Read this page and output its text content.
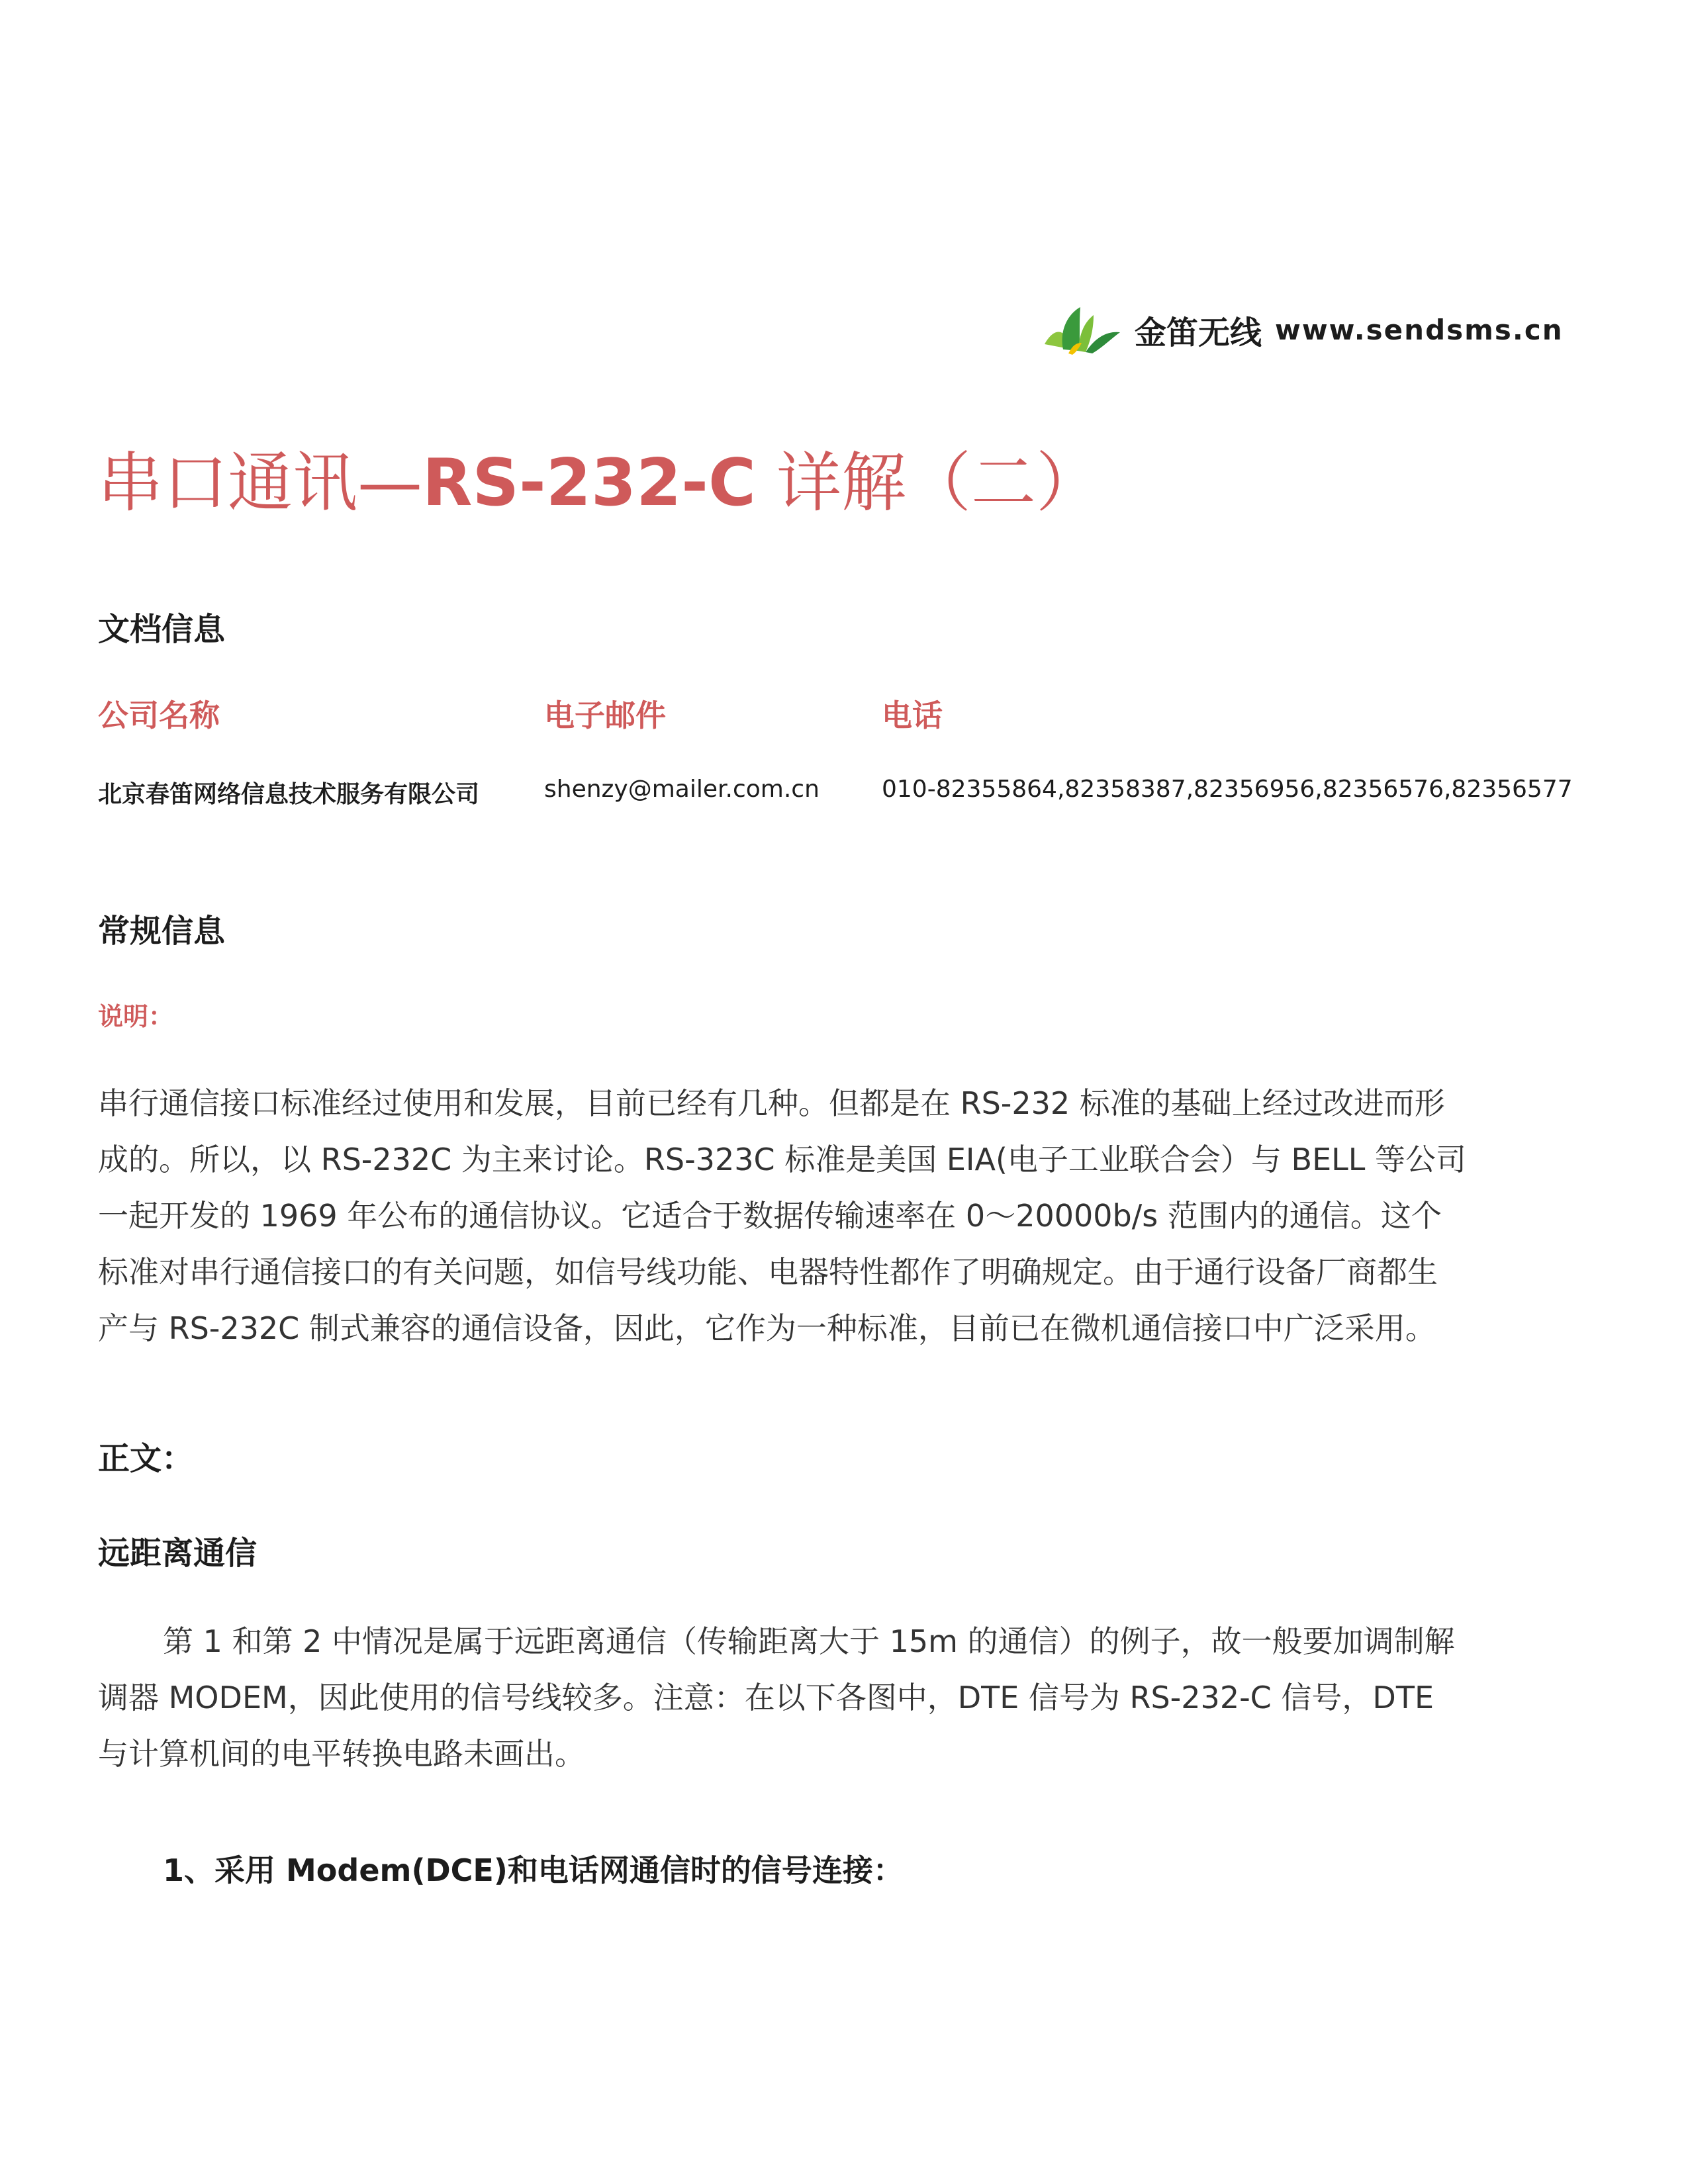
金笛无线 www.sendsms.cn
串口通讯—RS-232-C 详解（二）
文档信息
公司名称	电子邮件	电话
北京春笛网络信息技术服务有限公司	shenzy@mailer.com.cn	010-82355864,82358387,82356956,82356576,82356577
常规信息
说明：
串行通信接口标准经过使用和发展，目前已经有几种。但都是在 RS-232 标准的基础上经过改进而形
成的。所以，以 RS-232C 为主来讨论。RS-323C 标准是美国 EIA(电子工业联合会）与 BELL 等公司
一起开发的 1969 年公布的通信协议。它适合于数据传输速率在 0～20000b/s 范围内的通信。这个
标准对串行通信接口的有关问题，如信号线功能、电器特性都作了明确规定。由于通行设备厂商都生
产与 RS-232C 制式兼容的通信设备，因此，它作为一种标准，目前已在微机通信接口中广泛采用。
正文：
远距离通信
第 1 和第 2 中情况是属于远距离通信（传输距离大于 15m 的通信）的例子，故一般要加调制解
调器 MODEM，因此使用的信号线较多。注意：在以下各图中，DTE 信号为 RS-232-C 信号，DTE
与计算机间的电平转换电路未画出。
1、采用 Modem(DCE)和电话网通信时的信号连接：
